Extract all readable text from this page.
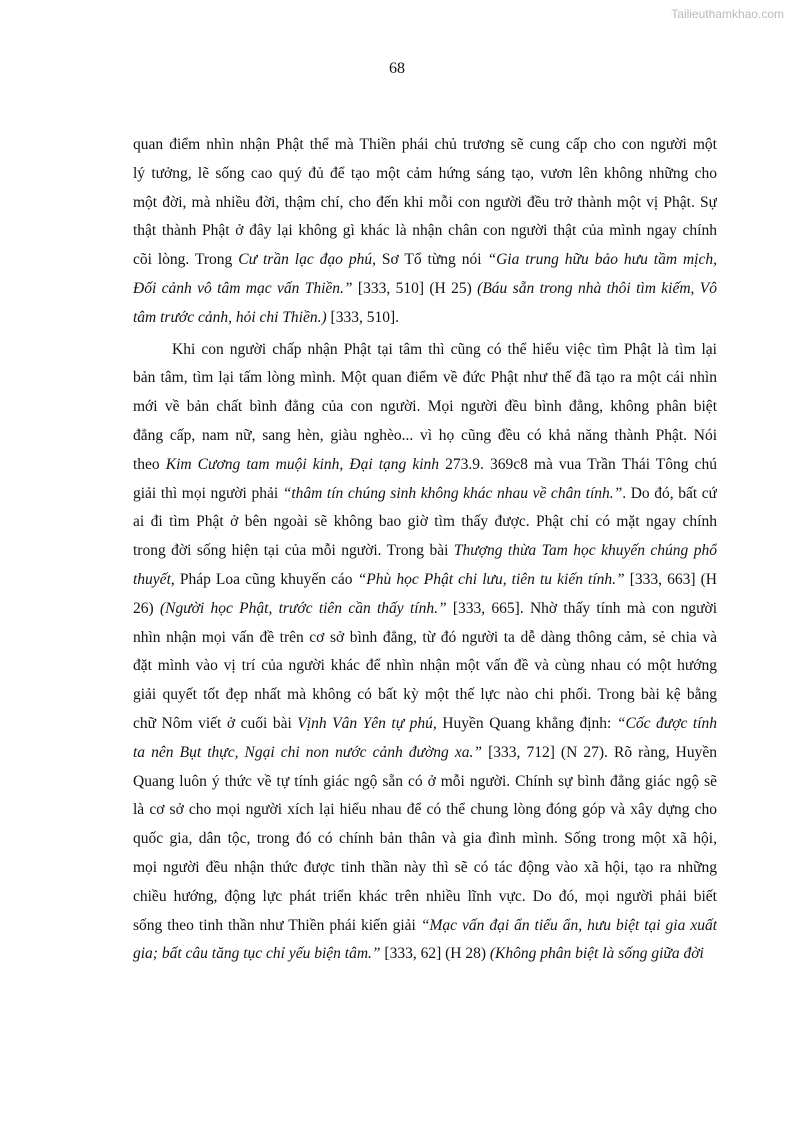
Tailieuthamkhao.com
68
quan điểm nhìn nhận Phật thể mà Thiền phái chủ trương sẽ cung cấp cho con người một
lý tưởng, lẽ sống cao quý đủ để tạo một cảm hứng sáng tạo, vươn lên không những cho
một đời, mà nhiều đời, thậm chí, cho đến khi mỗi con người đều trở thành một vị Phật. Sự
thật thành Phật ở đây lại không gì khác là nhận chân con người thật của mình ngay chính
cõi lòng. Trong Cư trần lạc đạo phú, Sơ Tổ từng nói “Gia trung hữu bảo hưu tầm mịch,
Đối cảnh vô tâm mạc vấn Thiền.” [333, 510] (H 25) (Báu sẵn trong nhà thôi tìm kiếm, Vô
tâm trước cảnh, hỏi chi Thiền.) [333, 510].
Khi con người chấp nhận Phật tại tâm thì cũng có thể hiểu việc tìm Phật là tìm lại
bản tâm, tìm lại tấm lòng mình. Một quan điểm về đức Phật như thế đã tạo ra một cái nhìn
mới về bản chất bình đẳng của con người. Mọi người đều bình đẳng, không phân biệt
đẳng cấp, nam nữ, sang hèn, giàu nghèo... vì họ cũng đều có khả năng thành Phật. Nói
theo Kim Cương tam muội kinh, Đại tạng kinh 273.9. 369c8 mà vua Trần Thái Tông chú
giải thì mọi người phải “thâm tín chúng sinh không khác nhau về chân tính.”. Do đó, bất cứ
ai đi tìm Phật ở bên ngoài sẽ không bao giờ tìm thấy được. Phật chỉ có mặt ngay chính
trong đời sống hiện tại của mỗi người. Trong bài Thượng thừa Tam học khuyến chúng phổ
thuyết, Pháp Loa cũng khuyến cáo “Phù học Phật chi lưu, tiên tu kiến tính.” [333, 663] (H
26) (Người học Phật, trước tiên cần thấy tính.” [333, 665]. Nhờ thấy tính mà con người
nhìn nhận mọi vấn đề trên cơ sở bình đẳng, từ đó người ta dễ dàng thông cảm, sẻ chia và
đặt mình vào vị trí của người khác để nhìn nhận một vấn đề và cùng nhau có một hướng
giải quyết tốt đẹp nhất mà không có bất kỳ một thế lực nào chi phối. Trong bài kệ bằng
chữ Nôm viết ở cuối bài Vịnh Vân Yên tự phú, Huyền Quang khẳng định: “Cốc được tính
ta nên Bụt thực, Ngại chi non nước cảnh đường xa.” [333, 712] (N 27). Rõ ràng, Huyền
Quang luôn ý thức về tự tính giác ngộ sẵn có ở mỗi người. Chính sự bình đẳng giác ngộ sẽ
là cơ sở cho mọi người xích lại hiểu nhau để có thể chung lòng đóng góp và xây dựng cho
quốc gia, dân tộc, trong đó có chính bản thân và gia đình mình. Sống trong một xã hội,
mọi người đều nhận thức được tinh thần này thì sẽ có tác động vào xã hội, tạo ra những
chiều hướng, động lực phát triển khác trên nhiều lĩnh vực. Do đó, mọi người phải biết
sống theo tinh thần như Thiền phái kiến giải “Mạc vấn đại ẩn tiểu ẩn, hưu biệt tại gia xuất
gia; bất câu tăng tục chỉ yếu biện tâm.” [333, 62] (H 28) (Không phân biệt là sống giữa đời
